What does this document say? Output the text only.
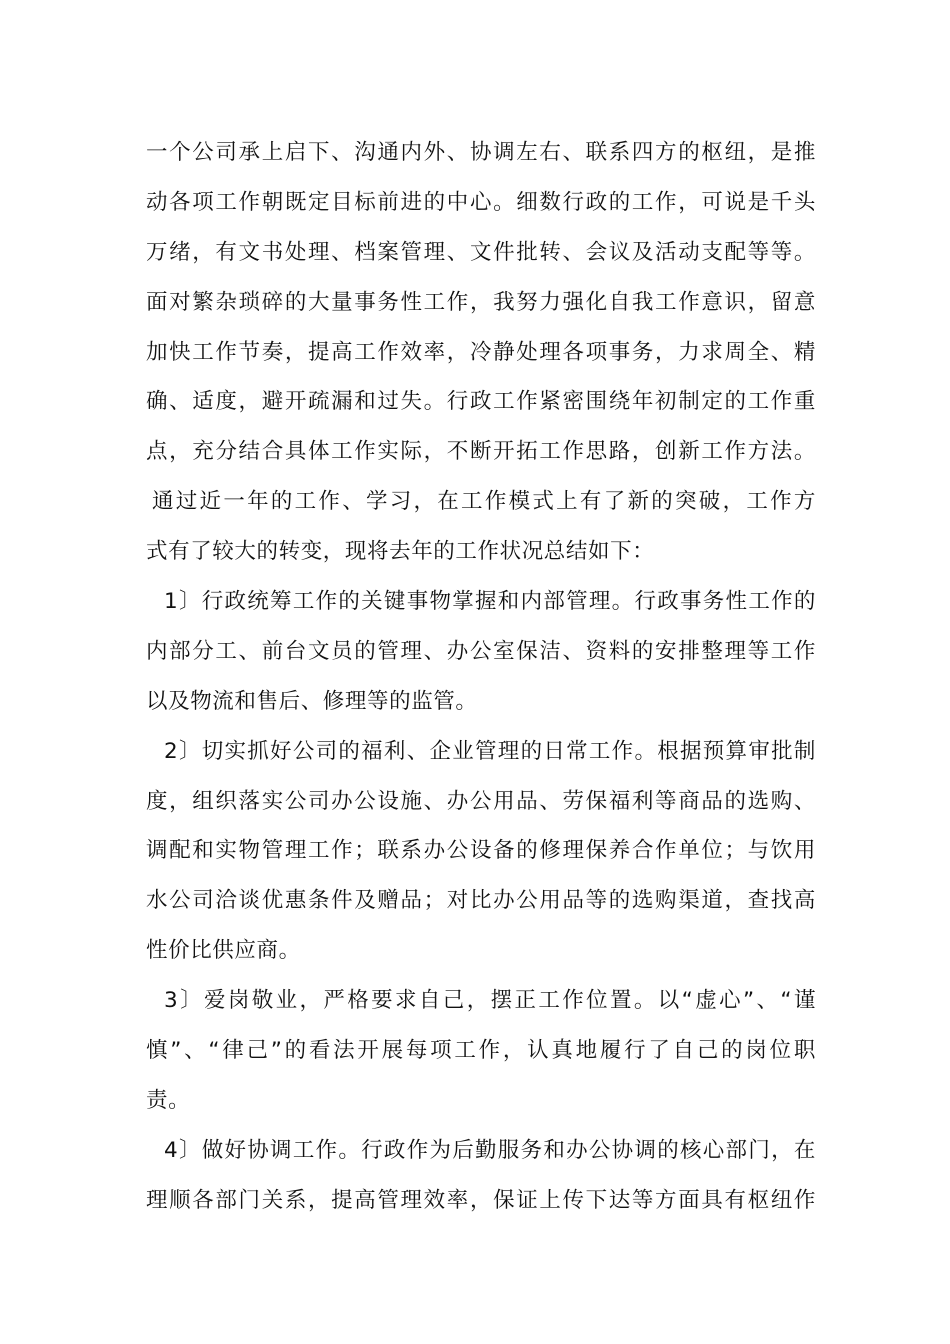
一个公司承上启下、沟通内外、协调左右、联系四方的枢纽，是推
动各项工作朝既定目标前进的中心。细数行政的工作，可说是千头
万绪，有文书处理、档案管理、文件批转、会议及活动支配等等。
面对繁杂琐碎的大量事务性工作，我努力强化自我工作意识，留意
加快工作节奏，提高工作效率，冷静处理各项事务，力求周全、精
确、适度，避开疏漏和过失。行政工作紧密围绕年初制定的工作重
点，充分结合具体工作实际，不断开拓工作思路，创新工作方法。
通过近一年的工作、学习，在工作模式上有了新的突破，工作方
式有了较大的转变，现将去年的工作状况总结如下：
1〕行政统筹工作的关键事物掌握和内部管理。行政事务性工作的
内部分工、前台文员的管理、办公室保洁、资料的安排整理等工作
以及物流和售后、修理等的监管。
2〕切实抓好公司的福利、企业管理的日常工作。根据预算审批制
度，组织落实公司办公设施、办公用品、劳保福利等商品的选购、
调配和实物管理工作；联系办公设备的修理保养合作单位；与饮用
水公司洽谈优惠条件及赠品；对比办公用品等的选购渠道，查找高
性价比供应商。
3〕爱岗敬业，严格要求自己，摆正工作位置。以“虚心”、“谨
慎”、“律己”的看法开展每项工作，认真地履行了自己的岗位职
责。
4〕做好协调工作。行政作为后勤服务和办公协调的核心部门，在
理顺各部门关系，提高管理效率，保证上传下达等方面具有枢纽作
